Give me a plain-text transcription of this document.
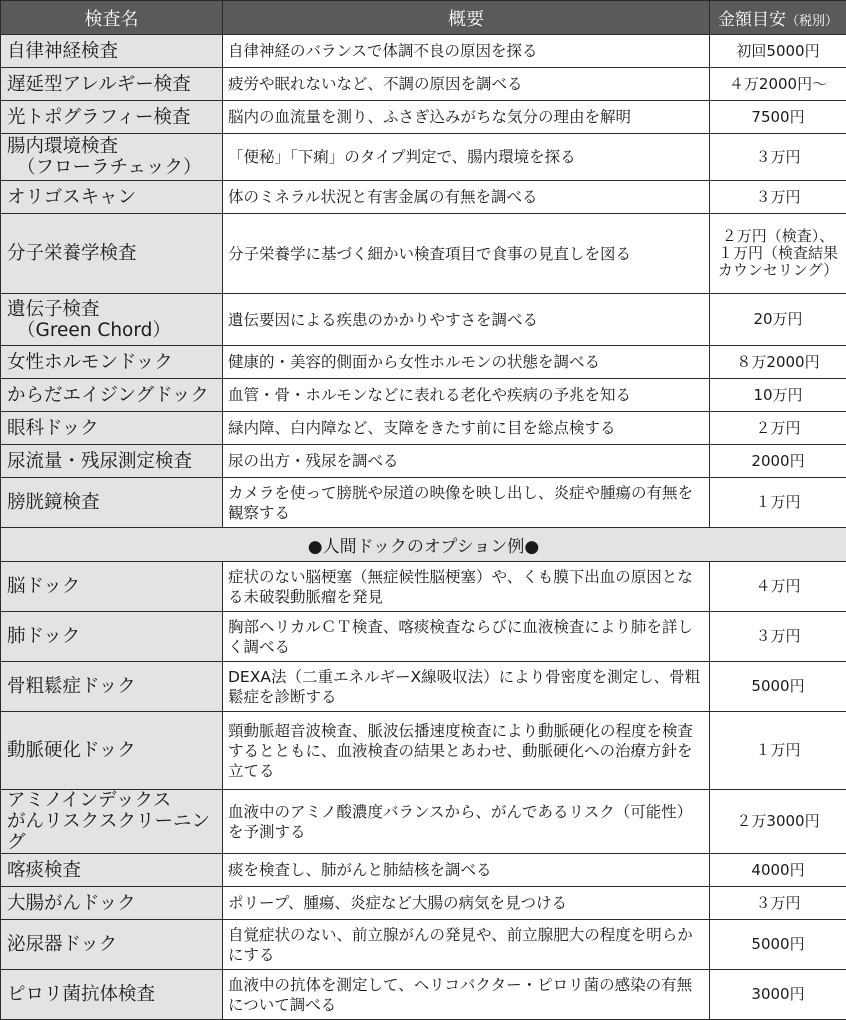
検査名	概要	金額目安（税別）

自律神経検査	自律神経のバランスで体調不良の原因を探る	初回5000円

遅延型アレルギー検査	疲労や眠れないなど、不調の原因を調べる	４万2000円〜

光トポグラフィー検査	脳内の血流量を測り、ふさぎ込みがちな気分の理由を解明	7500円

腸内環境検査
（フローラチェック）	「便秘」「下痢」のタイプ判定で、腸内環境を探る	３万円

オリゴスキャン	体のミネラル状況と有害金属の有無を調べる	３万円

分子栄養学検査	分子栄養学に基づく細かい検査項目で食事の見直しを図る	２万円（検査）、１万円（検査結果カウンセリング）

遺伝子検査
（Green Chord）	遺伝要因による疾患のかかりやすさを調べる	20万円

女性ホルモンドック	健康的・美容的側面から女性ホルモンの状態を調べる	８万2000円

からだエイジングドック	血管・骨・ホルモンなどに表れる老化や疾病の予兆を知る	10万円

眼科ドック	緑内障、白内障など、支障をきたす前に目を総点検する	２万円

尿流量・残尿測定検査	尿の出方・残尿を調べる	2000円

膀胱鏡検査	カメラを使って膀胱や尿道の映像を映し出し、炎症や腫瘍の有無を観察する	１万円
●人間ドックのオプション例●		

脳ドック	症状のない脳梗塞（無症候性脳梗塞）や、くも膜下出血の原因となる未破裂動脈瘤を発見	４万円

肺ドック	胸部ヘリカルＣＴ検査、喀痰検査ならびに血液検査により肺を詳しく調べる	３万円

骨粗鬆症ドック	DEXA法（二重エネルギーX線吸収法）により骨密度を測定し、骨粗鬆症を診断する	5000円

動脈硬化ドック	頸動脈超音波検査、脈波伝播速度検査により動脈硬化の程度を検査するとともに、血液検査の結果とあわせ、動脈硬化への治療方針を立てる	１万円

アミノインデックス
がんリスクスクリーニング	血液中のアミノ酸濃度バランスから、がんであるリスク（可能性）を予測する	２万3000円

喀痰検査	痰を検査し、肺がんと肺結核を調べる	4000円

大腸がんドック	ポリープ、腫瘍、炎症など大腸の病気を見つける	３万円

泌尿器ドック	自覚症状のない、前立腺がんの発見や、前立腺肥大の程度を明らかにする	5000円

ピロリ菌抗体検査	血液中の抗体を測定して、ヘリコバクター・ピロリ菌の感染の有無について調べる	3000円
